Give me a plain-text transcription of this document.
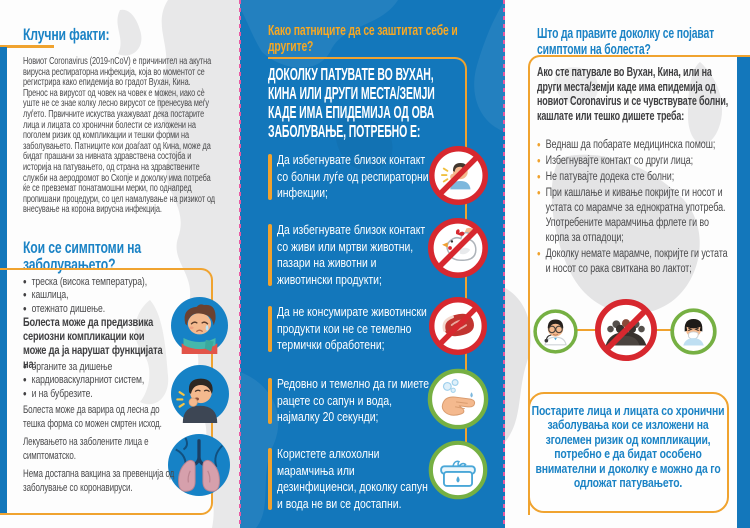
Клучни факти:

Новиот Coronavirus (2019-nCoV) е причинител на акутна вирусна респираторна инфекција, која во моментот се регистрира како епидемија во градот Вухан, Кина. Пренос на вирусот од човек на човек е можен, иако сè уште не се знае колку лесно вирусот се пренесува меѓу луѓето. Првичните искуства укажуваат дека постарите лица и лицата со хронични болести се изложени на поголем ризик од компликации и тешки форми на заболувањето. Патниците кои доаѓаат од Кина, може да бидат прашани за нивната здравствена состојба и историја на патувањето, од страна на здравствените служби на аеродромот во Скопје и доколку има потреба ќе се превземат понатамошни мерки, по однапред пропишани процедури, со цел намалување на ризикот од внесување на корона вирусна инфекција.

Кои се симптоми на заболувањето?
• треска (висока температура),
• кашлица,
• отежнато дишење.

Болеста може да предизвика сериозни компликации кои може да ја нарушат функцијата на:

• органите за дишење
• кардиоваскуларниот систем,
• и на бубрезите.

Болеста може да варира од лесна до тешка форма со можен смртен исход.

Лекувањето на заболените лица е симптоматско.

Нема достапна вакцина за превенција од заболување со коронавируси.

Како патниците да се заштитат себе и другите?

ДОКОЛКУ ПАТУВАТЕ ВО ВУХАН, КИНА ИЛИ ДРУГИ МЕСТА/ЗЕМЈИ КАДЕ ИМА ЕПИДЕМИЈА ОД ОВА ЗАБОЛУВАЊЕ, ПОТРЕБНО Е:

Да избегнувате близок контакт со болни луѓе од респираторни инфекции;

Да избегнувате близок контакт со живи или мртви животни, пазари на животни и животински продукти;

Да не консумирате животински продукти кои не се темелно термички обработени;

Редовно и темелно да ги миете рацете со сапун и вода, најмалку 20 секунди;

Користете алкохолни марамчиња или дезинфициенси, доколку сапун и вода не ви се достапни.

Што да правите доколку се појават симптоми на болеста?

Ако сте патувале во Вухан, Кина, или на други места/земји каде има епидемија од новиот Coronavirus и се чувствувате болни, кашлате или тешко дишете треба:

• Веднаш да побарате медицинска помош;
• Избегнувајте контакт со други лица;
• Не патувајте додека сте болни;
• При кашлање и кивање покријте ги носот и устата со марамче за еднократна употреба. Употребените марамчиња фрлете ги во корпа за отпадоци;
• Доколку немате марамче, покријте ги устата и носот со рака свиткана во лактот;

Постарите лица и лицата со хронични заболувања кои се изложени на зголемен ризик од компликации, потребно е да бидат особено внимателни и доколку е можно да го одложат патувањето.
